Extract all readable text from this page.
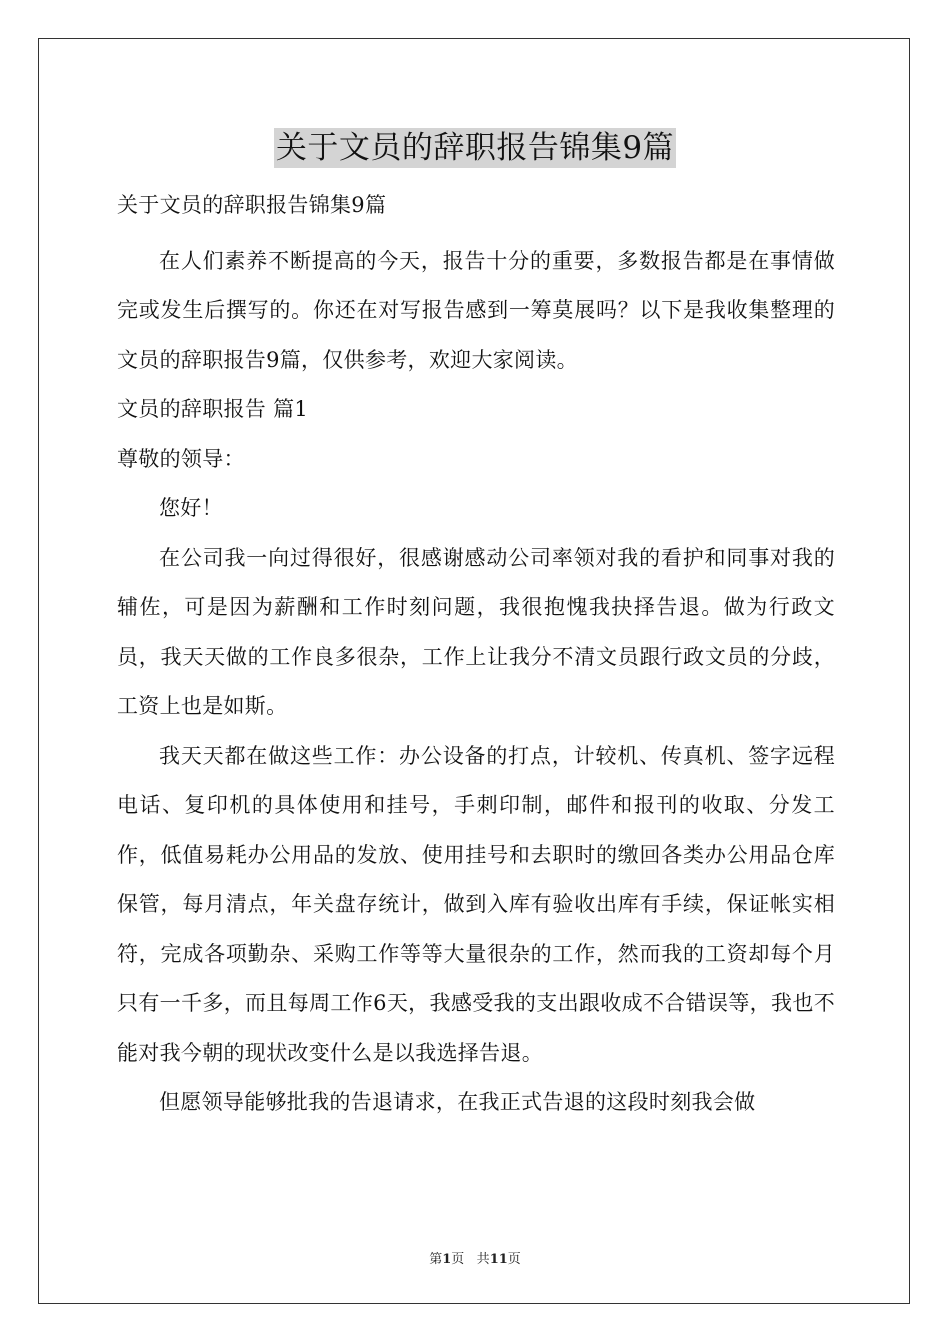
关于文员的辞职报告锦集9篇
关于文员的辞职报告锦集9篇

在人们素养不断提高的今天，报告十分的重要，多数报告都是在事情做完或发生后撰写的。你还在对写报告感到一筹莫展吗？以下是我收集整理的文员的辞职报告9篇，仅供参考，欢迎大家阅读。

文员的辞职报告 篇1
尊敬的领导：

您好！

在公司我一向过得很好，很感谢感动公司率领对我的看护和同事对我的辅佐，可是因为薪酬和工作时刻问题，我很抱愧我抉择告退。做为行政文员，我天天做的工作良多很杂，工作上让我分不清文员跟行政文员的分歧，工资上也是如斯。

我天天都在做这些工作：办公设备的打点，计较机、传真机、签字远程电话、复印机的具体使用和挂号，手刺印制，邮件和报刊的收取、分发工作，低值易耗办公用品的发放、使用挂号和去职时的缴回各类办公用品仓库保管，每月清点，年关盘存统计，做到入库有验收出库有手续，保证帐实相符，完成各项勤杂、采购工作等等大量很杂的工作，然而我的工资却每个月只有一千多，而且每周工作6天，我感受我的支出跟收成不合错误等，我也不能对我今朝的现状改变什么是以我选择告退。

但愿领导能够批我的告退请求，在我正式告退的这段时刻我会做

第1页 共11页
